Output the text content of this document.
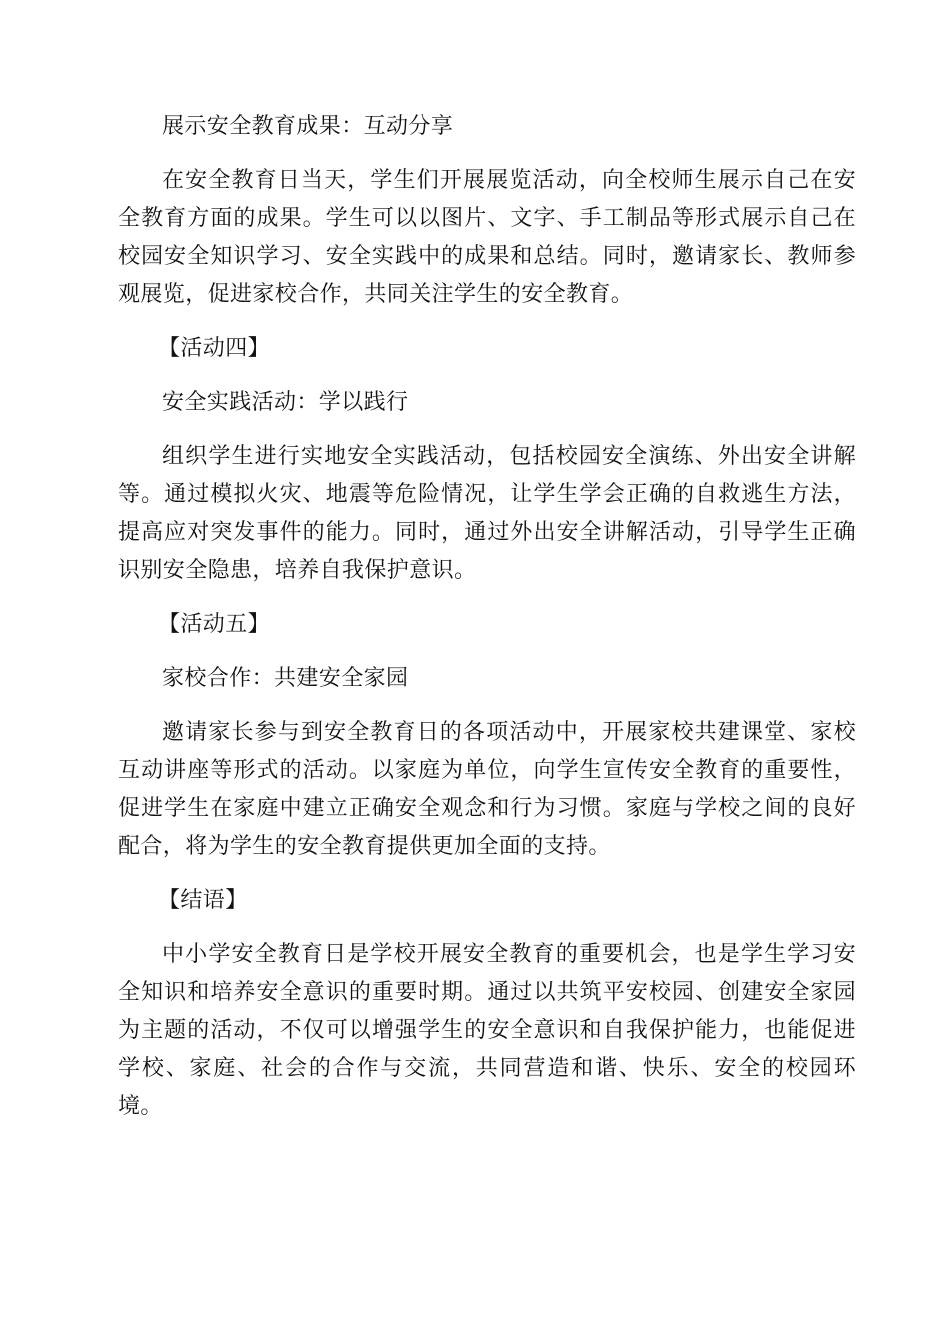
展示安全教育成果：互动分享

在安全教育日当天，学生们开展展览活动，向全校师生展示自己在安全教育方面的成果。学生可以以图片、文字、手工制品等形式展示自己在校园安全知识学习、安全实践中的成果和总结。同时，邀请家长、教师参观展览，促进家校合作，共同关注学生的安全教育。

【活动四】

安全实践活动：学以践行

组织学生进行实地安全实践活动，包括校园安全演练、外出安全讲解等。通过模拟火灾、地震等危险情况，让学生学会正确的自救逃生方法，提高应对突发事件的能力。同时，通过外出安全讲解活动，引导学生正确识别安全隐患，培养自我保护意识。

【活动五】

家校合作：共建安全家园

邀请家长参与到安全教育日的各项活动中，开展家校共建课堂、家校互动讲座等形式的活动。以家庭为单位，向学生宣传安全教育的重要性，促进学生在家庭中建立正确安全观念和行为习惯。家庭与学校之间的良好配合，将为学生的安全教育提供更加全面的支持。

【结语】

中小学安全教育日是学校开展安全教育的重要机会，也是学生学习安全知识和培养安全意识的重要时期。通过以共筑平安校园、创建安全家园为主题的活动，不仅可以增强学生的安全意识和自我保护能力，也能促进学校、家庭、社会的合作与交流，共同营造和谐、快乐、安全的校园环境。
